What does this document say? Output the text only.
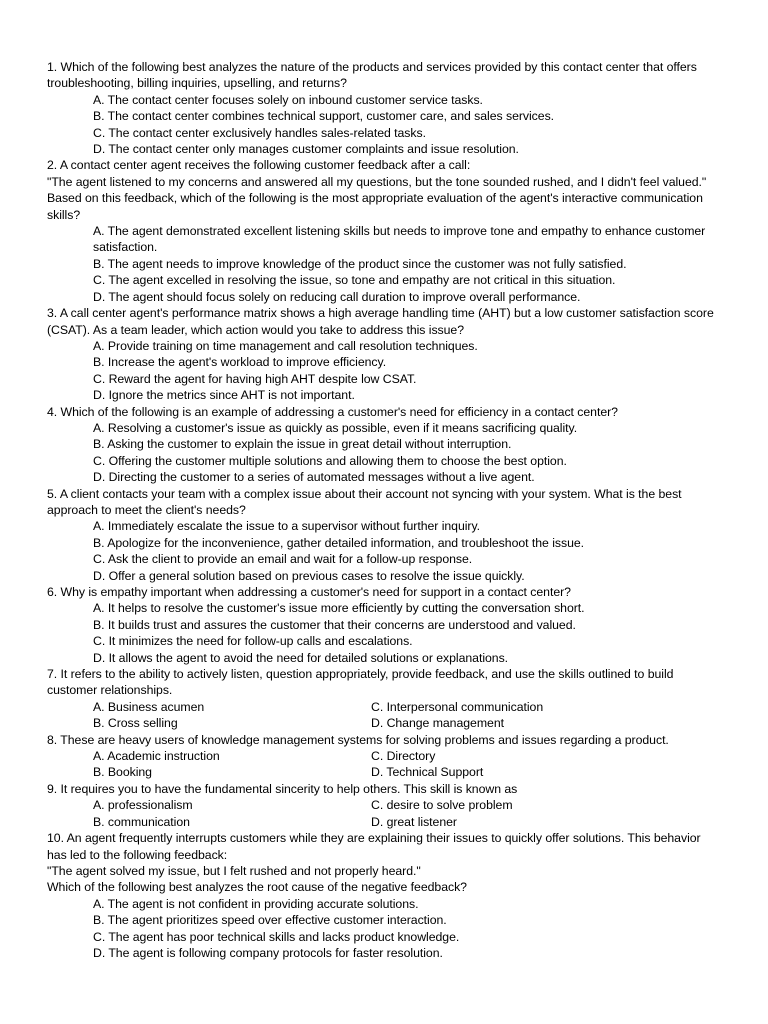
1. Which of the following best analyzes the nature of the products and services provided by this contact center that offers troubleshooting, billing inquiries, upselling, and returns?

A. The contact center focuses solely on inbound customer service tasks.

B. The contact center combines technical support, customer care, and sales services.

C. The contact center exclusively handles sales-related tasks.

D. The contact center only manages customer complaints and issue resolution.

2. A contact center agent receives the following customer feedback after a call:

"The agent listened to my concerns and answered all my questions, but the tone sounded rushed, and I didn't feel valued."

Based on this feedback, which of the following is the most appropriate evaluation of the agent's interactive communication skills?

A. The agent demonstrated excellent listening skills but needs to improve tone and empathy to enhance customer satisfaction.

B. The agent needs to improve knowledge of the product since the customer was not fully satisfied.

C. The agent excelled in resolving the issue, so tone and empathy are not critical in this situation.

D. The agent should focus solely on reducing call duration to improve overall performance.

3. A call center agent's performance matrix shows a high average handling time (AHT) but a low customer satisfaction score (CSAT). As a team leader, which action would you take to address this issue?

A. Provide training on time management and call resolution techniques.

B. Increase the agent's workload to improve efficiency.

C. Reward the agent for having high AHT despite low CSAT.

D. Ignore the metrics since AHT is not important.

4. Which of the following is an example of addressing a customer's need for efficiency in a contact center?

A. Resolving a customer's issue as quickly as possible, even if it means sacrificing quality.

B. Asking the customer to explain the issue in great detail without interruption.

C. Offering the customer multiple solutions and allowing them to choose the best option.

D. Directing the customer to a series of automated messages without a live agent.

5. A client contacts your team with a complex issue about their account not syncing with your system. What is the best approach to meet the client's needs?

A. Immediately escalate the issue to a supervisor without further inquiry.

B. Apologize for the inconvenience, gather detailed information, and troubleshoot the issue.

C. Ask the client to provide an email and wait for a follow-up response.

D. Offer a general solution based on previous cases to resolve the issue quickly.

6. Why is empathy important when addressing a customer's need for support in a contact center?

A. It helps to resolve the customer's issue more efficiently by cutting the conversation short.

B. It builds trust and assures the customer that their concerns are understood and valued.

C. It minimizes the need for follow-up calls and escalations.

D. It allows the agent to avoid the need for detailed solutions or explanations.

7. It refers to the ability to actively listen, question appropriately, provide feedback, and use the skills outlined to build customer relationships.

A. Business acumen	C. Interpersonal communication
B. Cross selling	D. Change management

8. These are heavy users of knowledge management systems for solving problems and issues regarding a product.

A. Academic instruction	C. Directory
B. Booking	D. Technical Support

9. It requires you to have the fundamental sincerity to help others. This skill is known as

A. professionalism	C. desire to solve problem
B. communication	D. great listener

10. An agent frequently interrupts customers while they are explaining their issues to quickly offer solutions. This behavior has led to the following feedback:

"The agent solved my issue, but I felt rushed and not properly heard."

Which of the following best analyzes the root cause of the negative feedback?

A. The agent is not confident in providing accurate solutions.

B. The agent prioritizes speed over effective customer interaction.

C. The agent has poor technical skills and lacks product knowledge.

D. The agent is following company protocols for faster resolution.
